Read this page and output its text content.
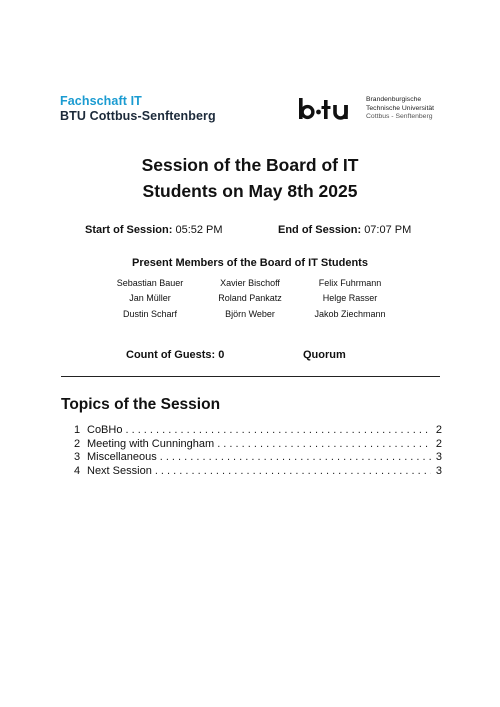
Fachschaft IT
BTU Cottbus-Senftenberg
Brandenburgische
Technische Universität
Cottbus - Senftenberg
Session of the Board of IT
Students on May 8th 2025
Start of Session: 05:52 PM	End of Session: 07:07 PM
Present Members of the Board of IT Students
Sebastian Bauer	Xavier Bischoff	Felix Fuhrmann
Jan Müller	Roland Pankatz	Helge Rasser
Dustin Scharf	Björn Weber	Jakob Ziechmann
Count of Guests: 0	Quorum
Topics of the Session
1 CoBHo . . .	2
2 Meeting with Cunningham . . .	2
3 Miscellaneous . . .	3
4 Next Session . . .	3
